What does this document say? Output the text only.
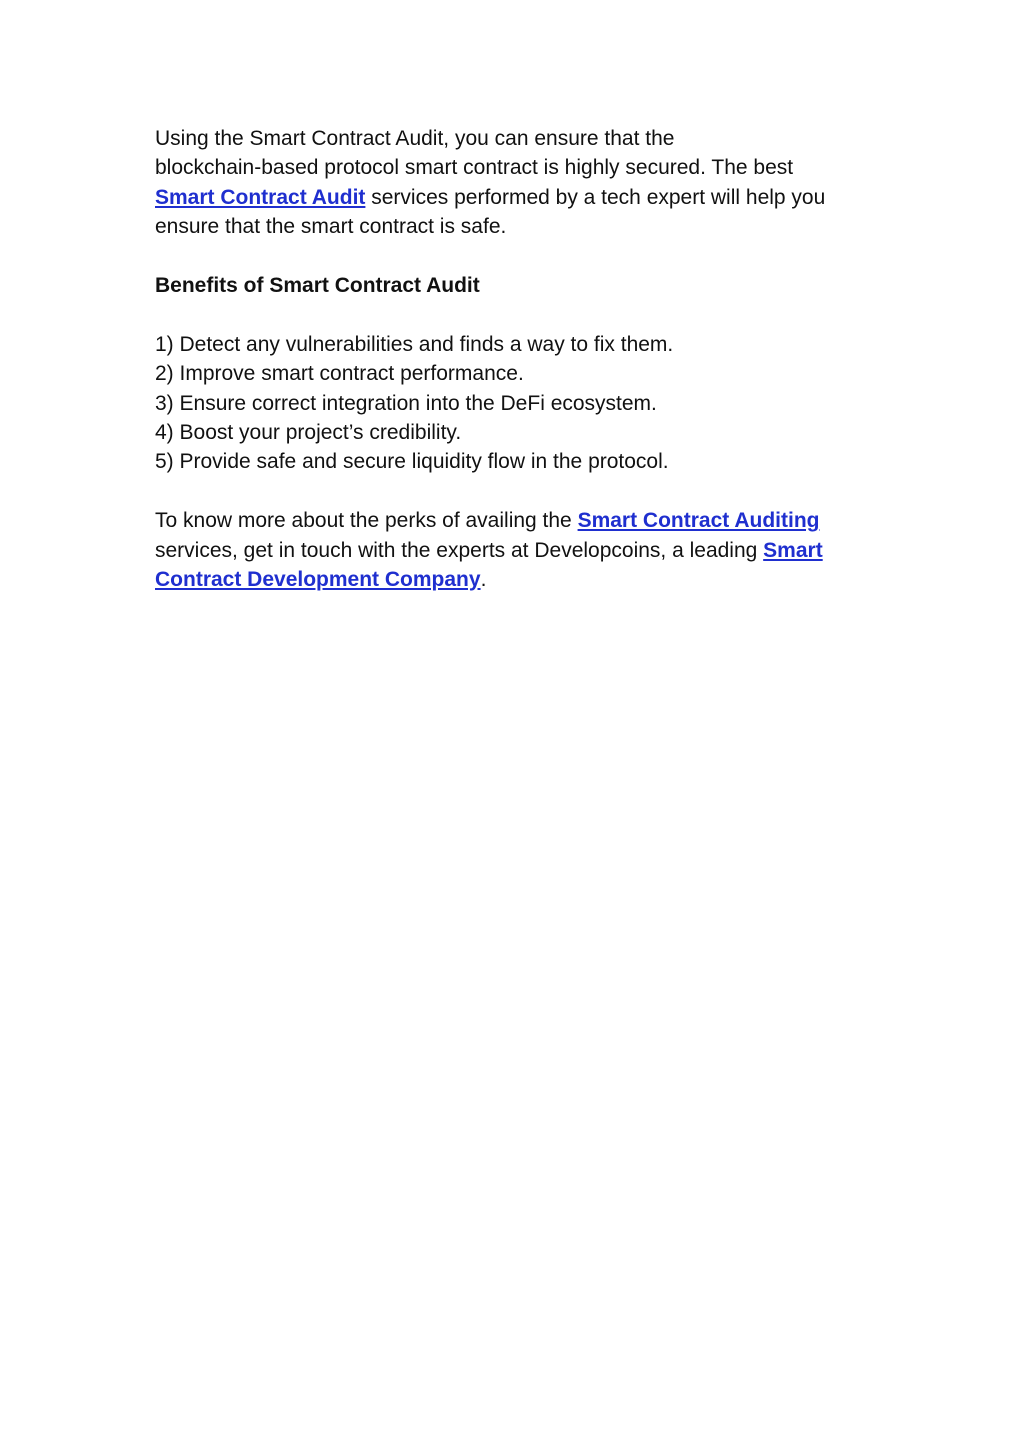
Using the Smart Contract Audit, you can ensure that the
blockchain-based protocol smart contract is highly secured. The best
Smart Contract Audit services performed by a tech expert will help you
ensure that the smart contract is safe.

Benefits of Smart Contract Audit

1) Detect any vulnerabilities and finds a way to fix them.
2) Improve smart contract performance.
3) Ensure correct integration into the DeFi ecosystem.
4) Boost your project’s credibility.
5) Provide safe and secure liquidity flow in the protocol.

To know more about the perks of availing the Smart Contract Auditing
services, get in touch with the experts at Developcoins, a leading Smart
Contract Development Company.
